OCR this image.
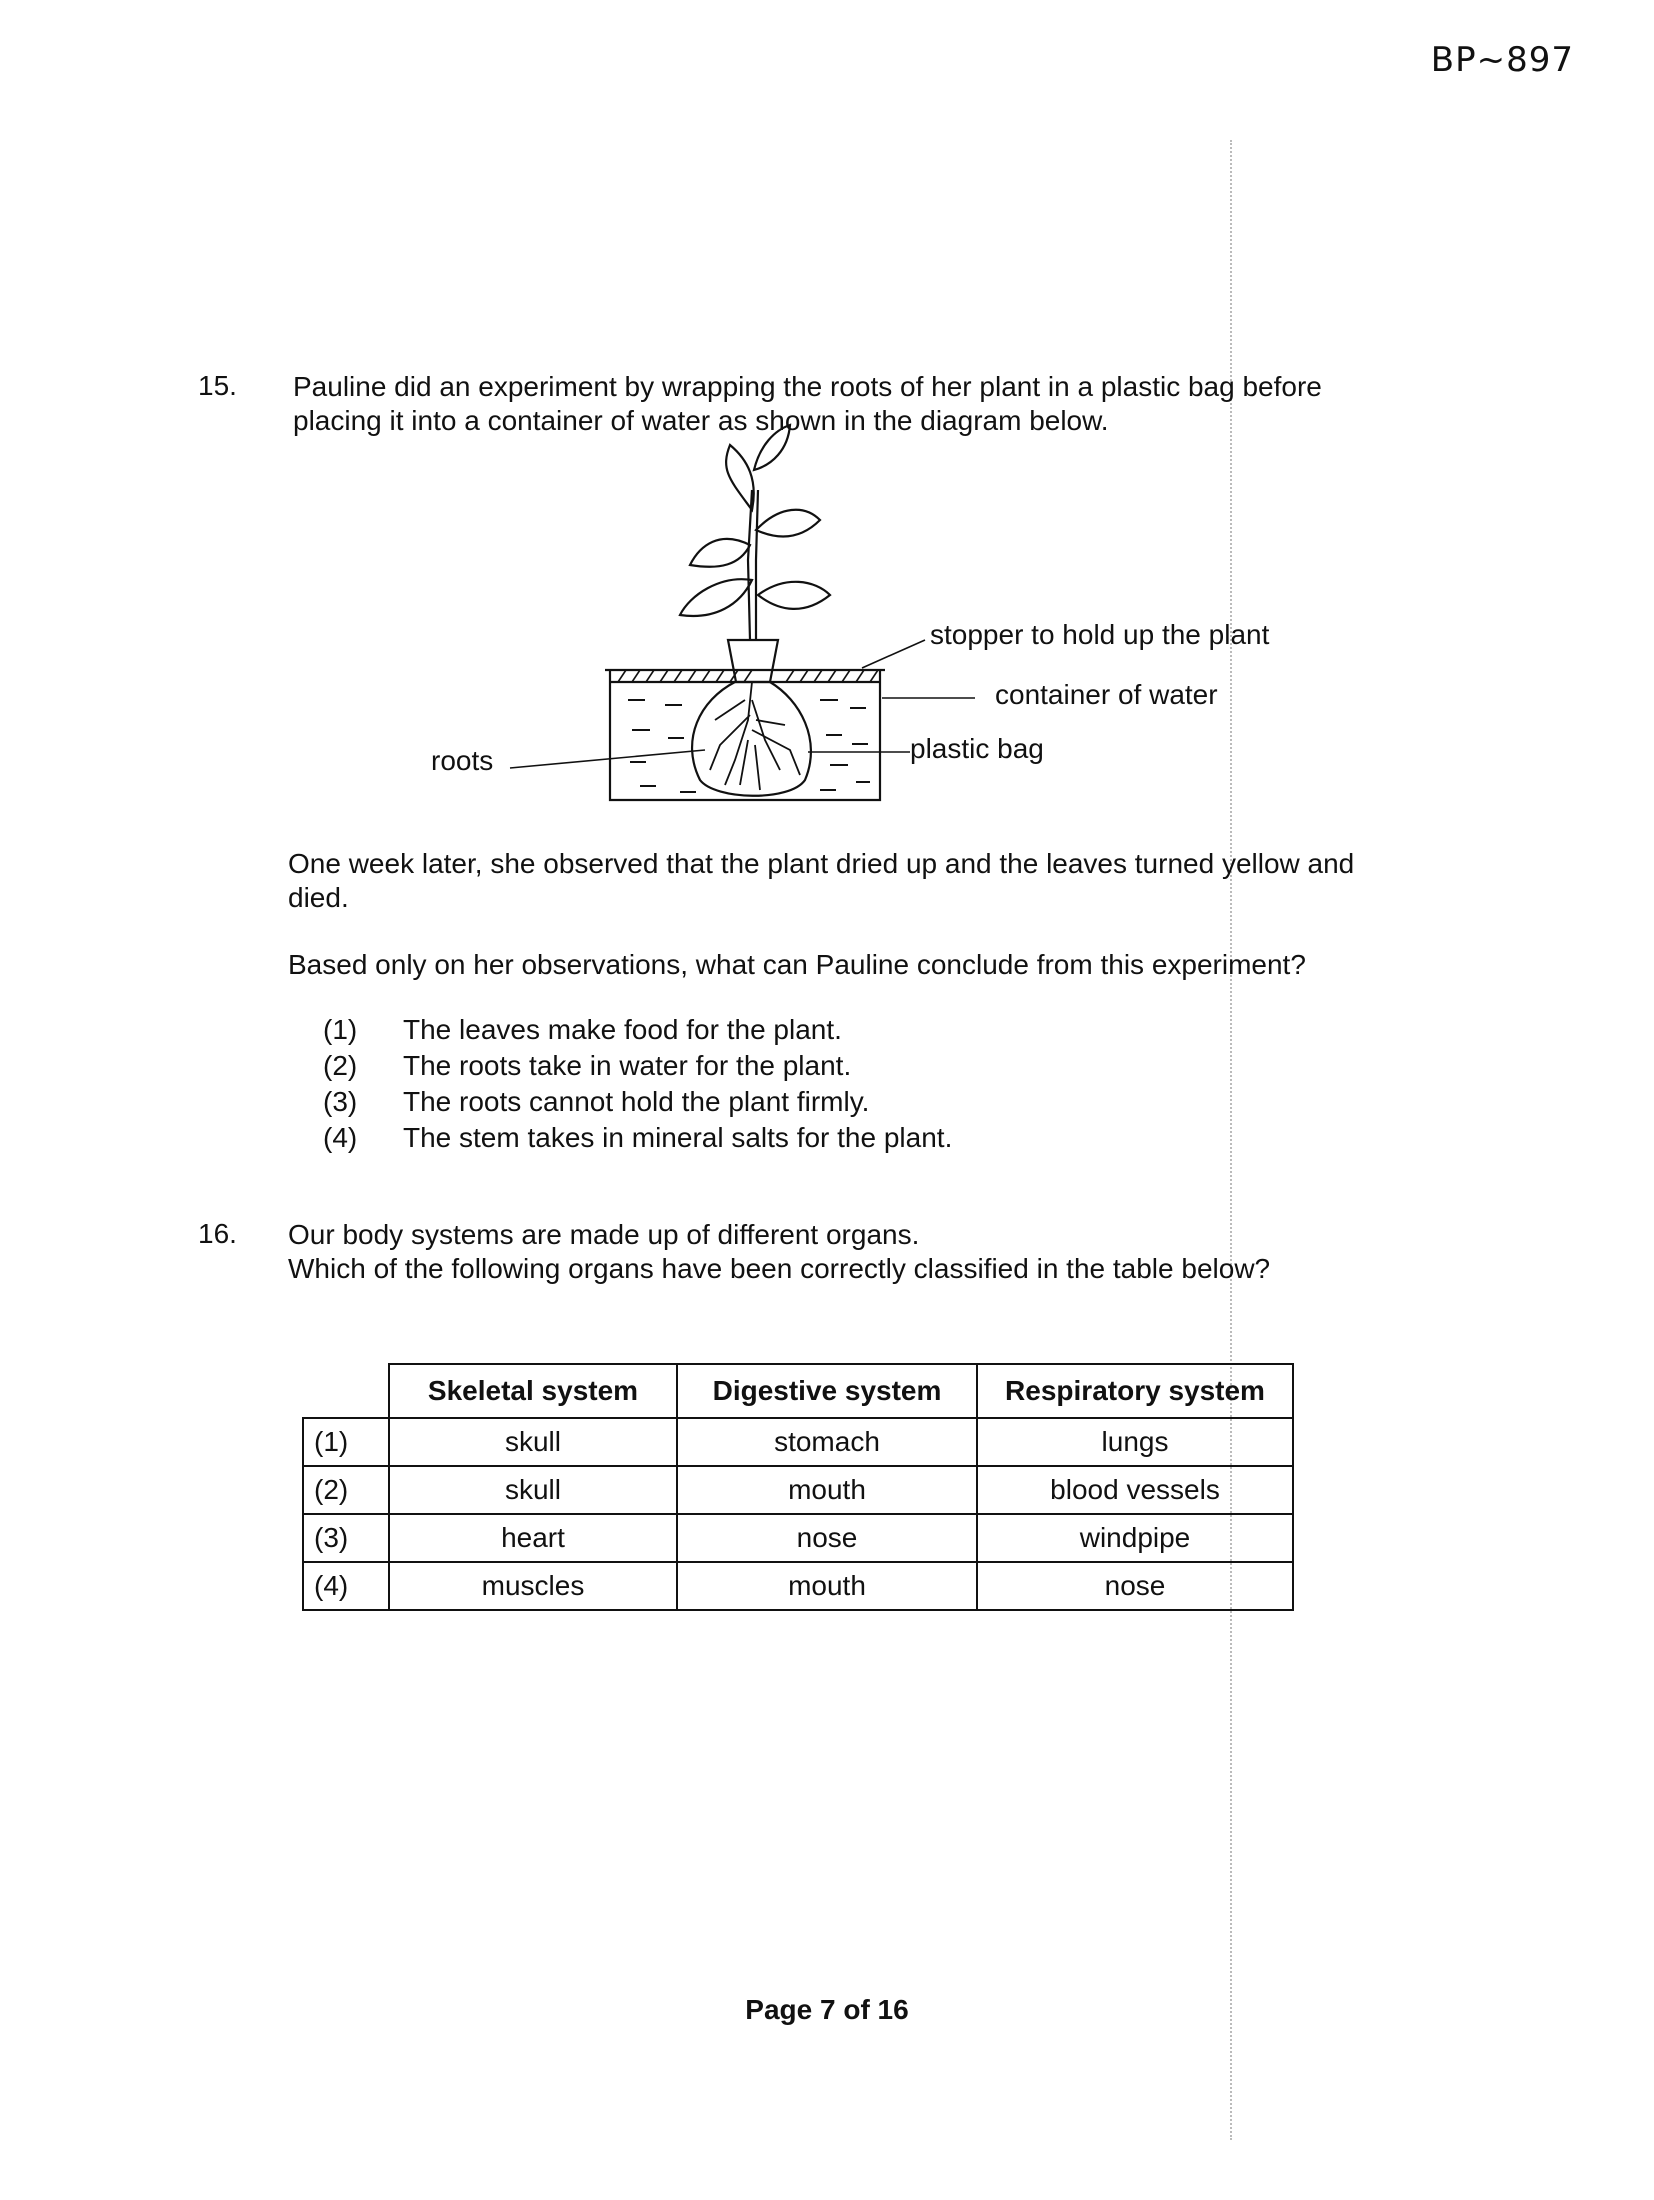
BP~897
15. Pauline did an experiment by wrapping the roots of her plant in a plastic bag before
placing it into a container of water as shown in the diagram below.
stopper to hold up the plant
container of water
plastic bag
roots
One week later, she observed that the plant dried up and the leaves turned yellow and
died.
Based only on her observations, what can Pauline conclude from this experiment?
(1)	The leaves make food for the plant.
(2)	The roots take in water for the plant.
(3)	The roots cannot hold the plant firmly.
(4)	The stem takes in mineral salts for the plant.
16. Our body systems are made up of different organs.
Which of the following organs have been correctly classified in the table below?
	Skeletal system	Digestive system	Respiratory system
(1)	skull	stomach	lungs
(2)	skull	mouth	blood vessels
(3)	heart	nose	windpipe
(4)	muscles	mouth	nose
Page 7 of 16
